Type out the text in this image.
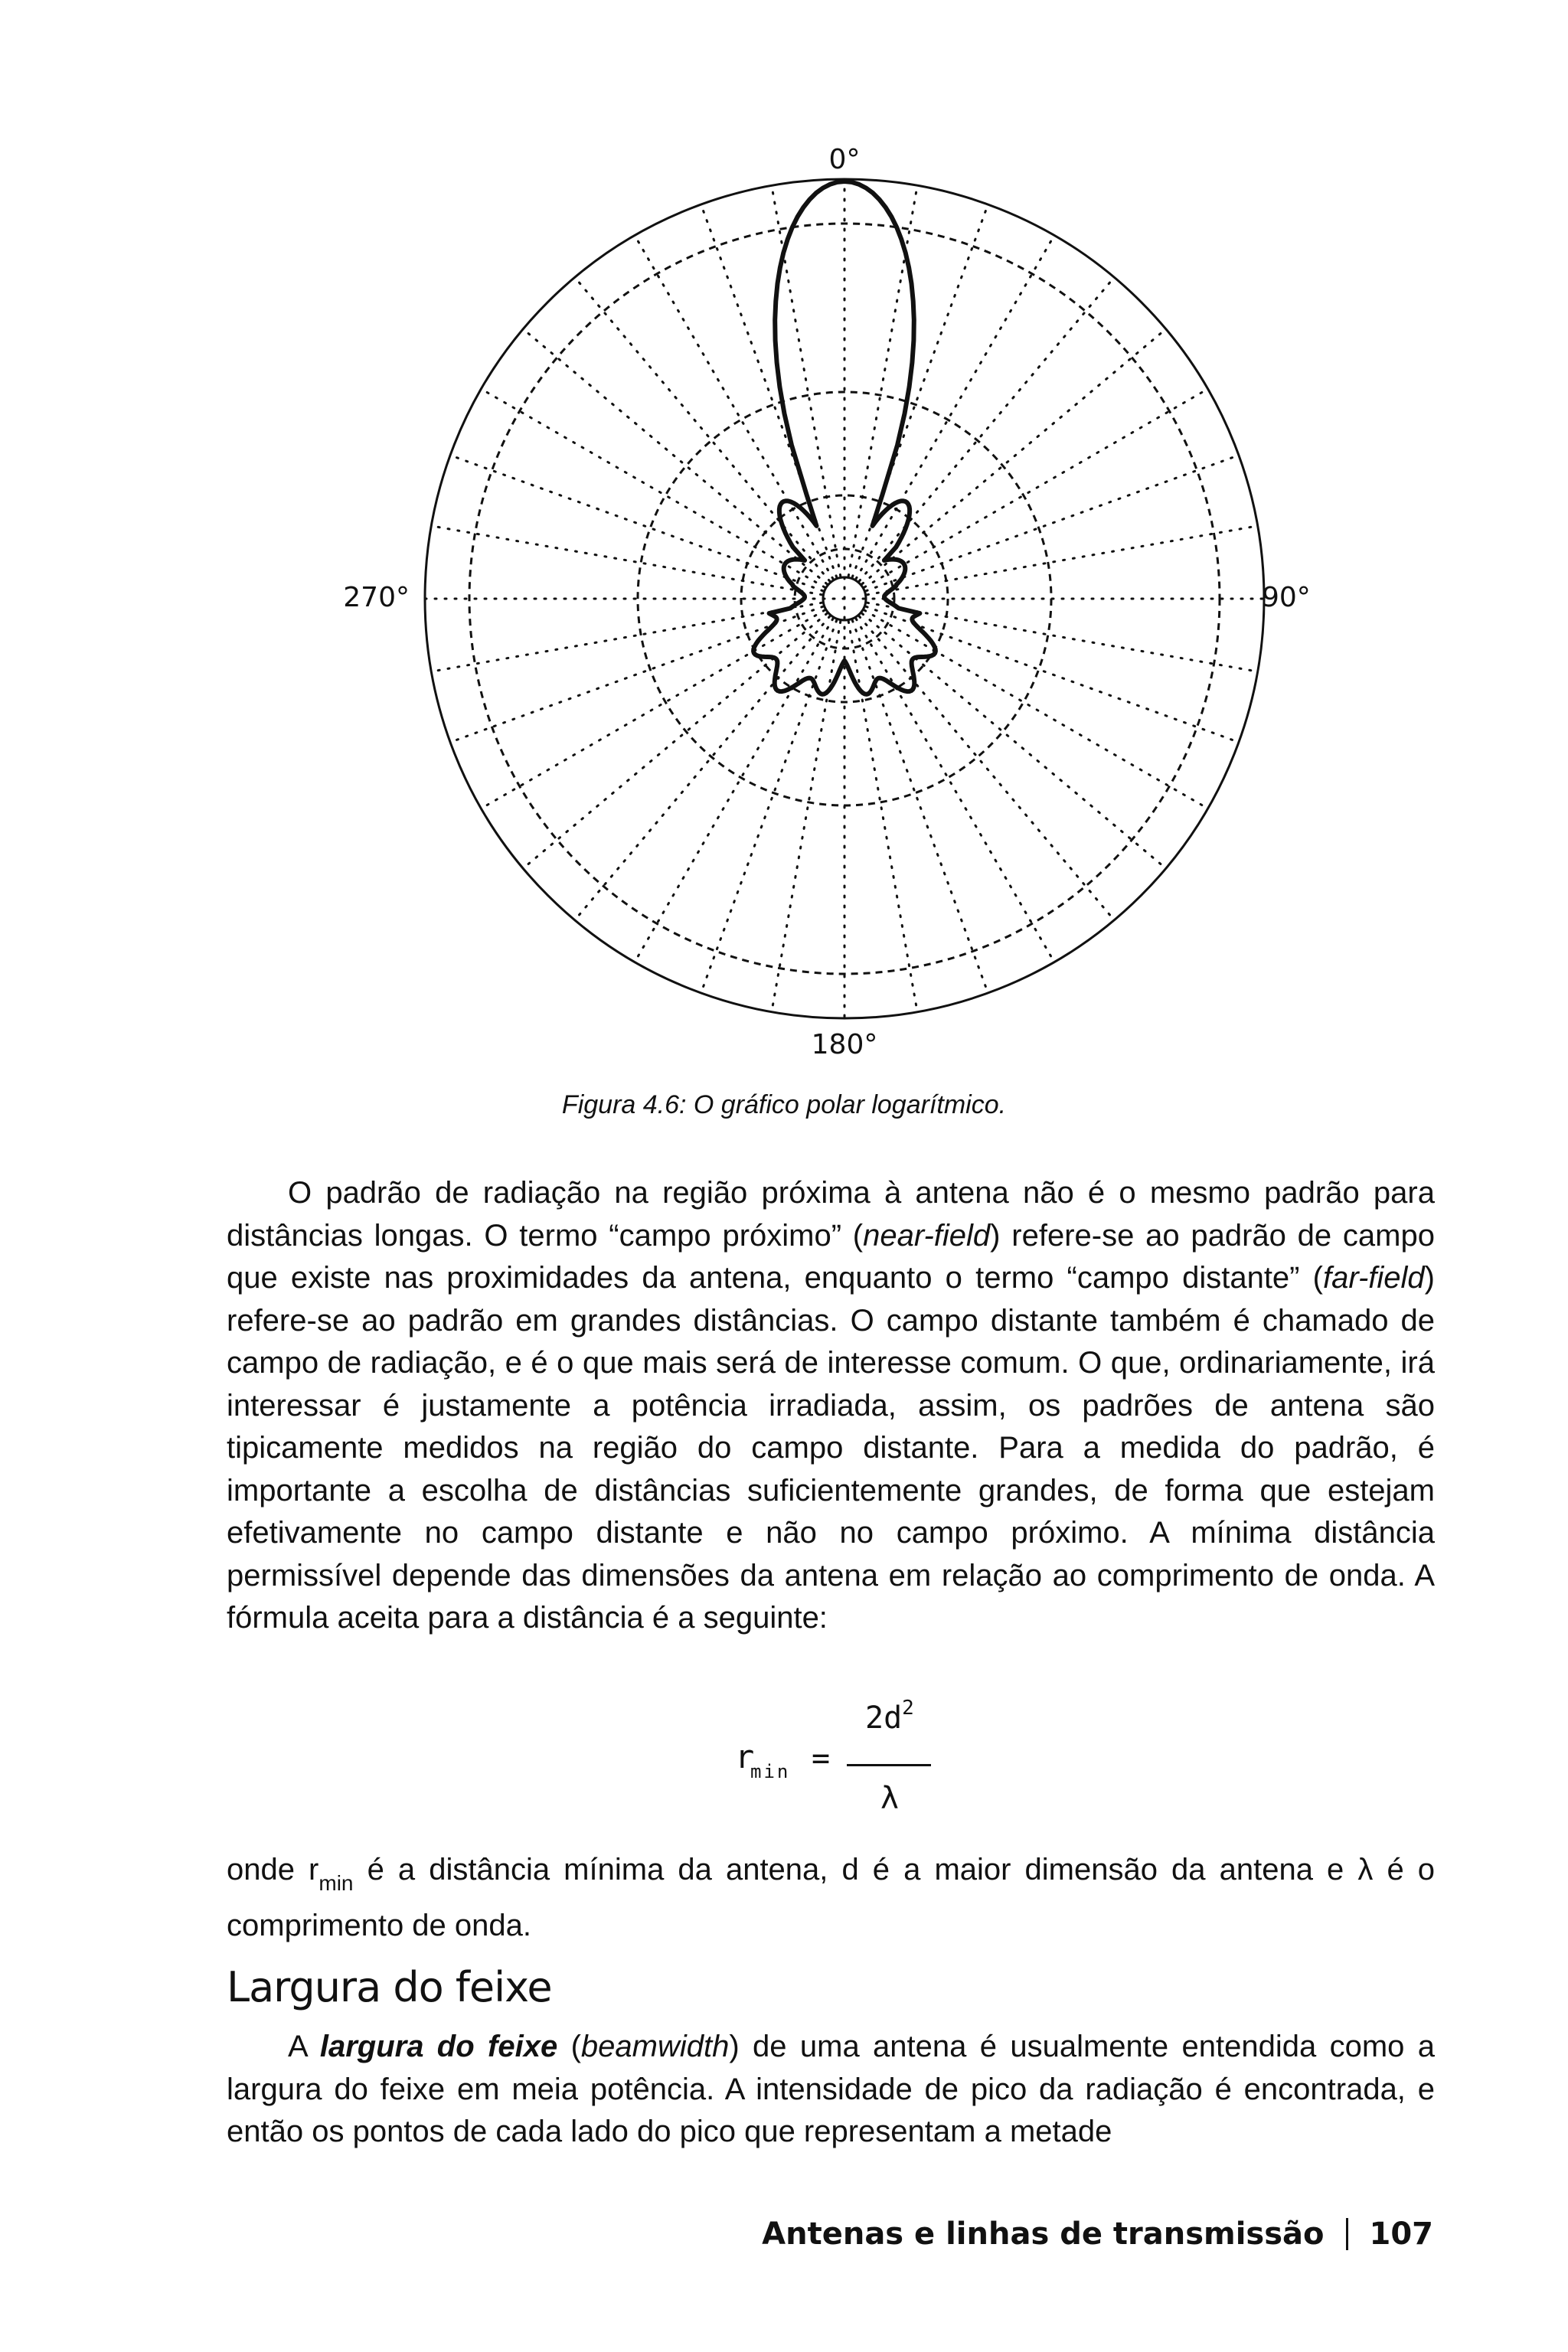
0°
90°
180°
270°
Figura 4.6: O gráfico polar logarítmico.

O padrão de radiação na região próxima à antena não é o mesmo padrão para distâncias longas. O termo “campo próximo” (near-field) refere-se ao padrão de campo que existe nas proximidades da antena, enquanto o termo “campo distante” (far-field) refere-se ao padrão em grandes distâncias. O campo distante também é chamado de campo de radiação, e é o que mais será de interesse comum. O que, ordinariamente, irá interessar é justamente a potência irradiada, assim, os padrões de antena são tipicamente medidos na região do campo distante. Para a medida do padrão, é importante a escolha de distâncias suficientemente grandes, de forma que estejam efetivamente no campo distante e não no campo próximo. A mínima distância permissível depende das dimensões da antena em relação ao comprimento de onda. A fórmula aceita para a distância é a seguinte:

r
min =
$2d^2$
λ

onde $r_{min}$ é a distância mínima da antena, d é a maior dimensão da antena e λ é o comprimento de onda.

Largura do feixe

A largura do feixe (beamwidth) de uma antena é usualmente entendida como a largura do feixe em meia potência. A intensidade de pico da radiação é encontrada, e então os pontos de cada lado do pico que representam a metade

Antenas e linhas de transmissão 107
